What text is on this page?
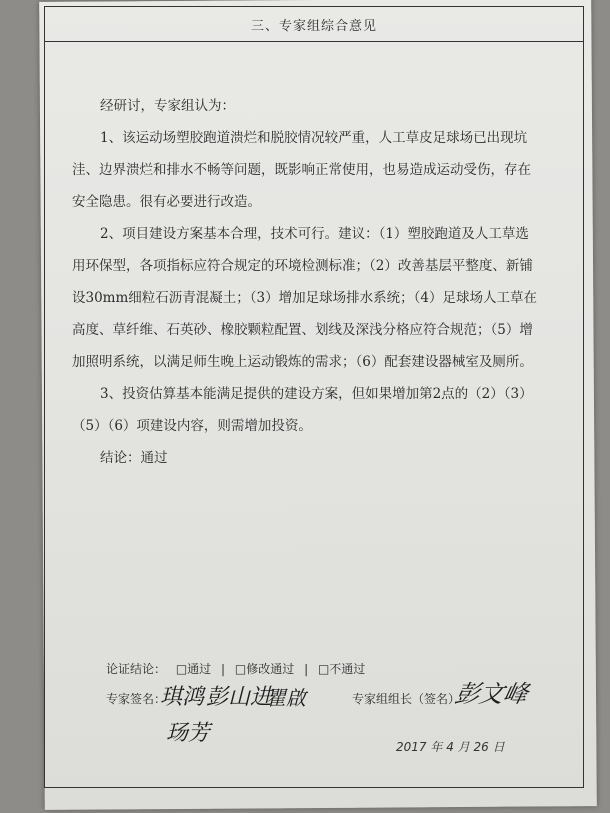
三、专家组综合意见

经研讨，专家组认为：

1、该运动场塑胶跑道溃烂和脱胶情况较严重，人工草皮足球场已出现坑洼、边界溃烂和排水不畅等问题，既影响正常使用，也易造成运动受伤，存在安全隐患。很有必要进行改造。

2、项目建设方案基本合理，技术可行。建议：（1）塑胶跑道及人工草选用环保型，各项指标应符合规定的环境检测标准；（2）改善基层平整度、新铺设30mm细粒石沥青混凝土；（3）增加足球场排水系统；（4）足球场人工草在高度、草纤维、石英砂、橡胶颗粒配置、划线及深浅分格应符合规范；（5）增加照明系统，以满足师生晚上运动锻炼的需求；（6）配套建设器械室及厕所。

3、投资估算基本能满足提供的建设方案，但如果增加第2点的（2）（3）（5）（6）项建设内容，则需增加投资。

结论：通过

论证结论： □通过 | □修改通过 | □不通过
专家签名：
琪鸿 彭山进
瞿啟
玚芳
专家组组长（签名）
彭文峰
2017 年 4 月 26 日
